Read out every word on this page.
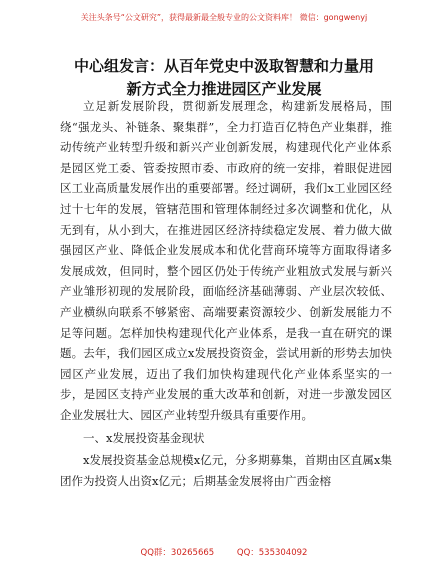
关注头条号“公文研究”，获得最新最全般专业的公文资料库！ 微信：gongwenyj
中心组发言：从百年党史中汲取智慧和力量用
新方式全力推进园区产业发展

立足新发展阶段，贯彻新发展理念，构建新发展格局，围绕“强龙头、补链条、聚集群”，全力打造百亿特色产业集群，推动传统产业转型升级和新兴产业创新发展，构建现代化产业体系是园区党工委、管委按照市委、市政府的统一安排，着眼促进园区工业高质量发展作出的重要部署。经过调研，我们x工业园区经过十七年的发展，管辖范围和管理体制经过多次调整和优化，从无到有，从小到大，在推进园区经济持续稳定发展、着力做大做强园区产业、降低企业发展成本和优化营商环境等方面取得诸多发展成效，但同时，整个园区仍处于传统产业粗放式发展与新兴产业雏形初现的发展阶段，面临经济基础薄弱、产业层次较低、产业横纵向联系不够紧密、高端要素资源较少、创新发展能力不足等问题。怎样加快构建现代化产业体系，是我一直在研究的课题。去年，我们园区成立x发展投资资金，尝试用新的形势去加快园区产业发展，迈出了我们加快构建现代化产业体系坚实的一步，是园区支持产业发展的重大改革和创新，对进一步激发园区企业发展壮大、园区产业转型升级具有重要作用。

一、x发展投资基金现状

x发展投资基金总规模x亿元，分多期募集，首期由区直属x集团作为投资人出资x亿元；后期基金发展将由广西金榕

QQ群：30265665	QQ：535304092
